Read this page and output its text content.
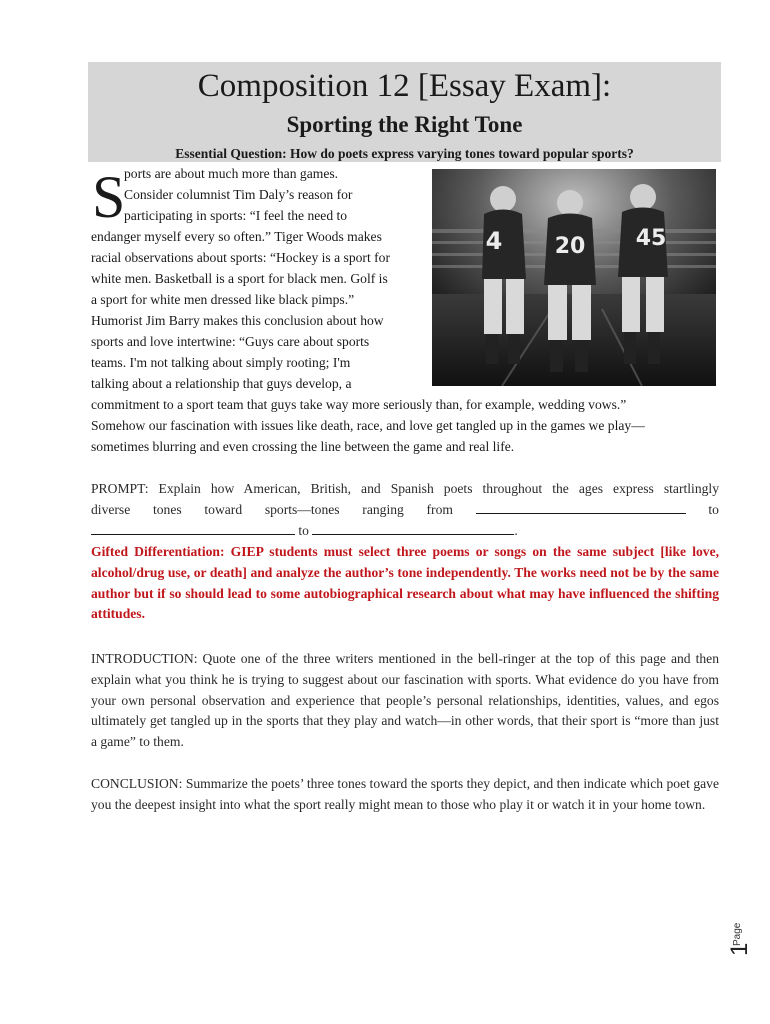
Composition 12 [Essay Exam]:
Sporting the Right Tone
Essential Question: How do poets express varying tones toward popular sports?
4 20 45
S
ports are about much more than games.
Consider columnist Tim Daly’s reason for
participating in sports: “I feel the need to
endanger myself every so often.” Tiger Woods makes
racial observations about sports: “Hockey is a sport for
white men. Basketball is a sport for black men. Golf is
a sport for white men dressed like black pimps.”
Humorist Jim Barry makes this conclusion about how
sports and love intertwine: “Guys care about sports
teams. I'm not talking about simply rooting; I'm
talking about a relationship that guys develop, a
commitment to a sport team that guys take way more seriously than, for example, wedding vows.”
Somehow our fascination with issues like death, race, and love get tangled up in the games we play—
sometimes blurring and even crossing the line between the game and real life.
PROMPT: Explain how American, British, and Spanish poets throughout the ages express startlingly
diverse tones toward sports—tones ranging from	to
to	.
Gifted Differentiation: GIEP students must select three poems or songs on the same subject [like love, alcohol/drug use, or death] and analyze the author’s tone independently. The works need not be by the same author but if so should lead to some autobiographical research about what may have influenced the shifting attitudes.
INTRODUCTION: Quote one of the three writers mentioned in the bell-ringer at the top of this page and then explain what you think he is trying to suggest about our fascination with sports. What evidence do you have from your own personal observation and experience that people’s personal relationships, identities, values, and egos ultimately get tangled up in the sports that they play and watch—in other words, that their sport is “more than just a game” to them.
CONCLUSION: Summarize the poets’ three tones toward the sports they depict, and then indicate which poet gave you the deepest insight into what the sport really might mean to those who play it or watch it in your home town.
Page
1
